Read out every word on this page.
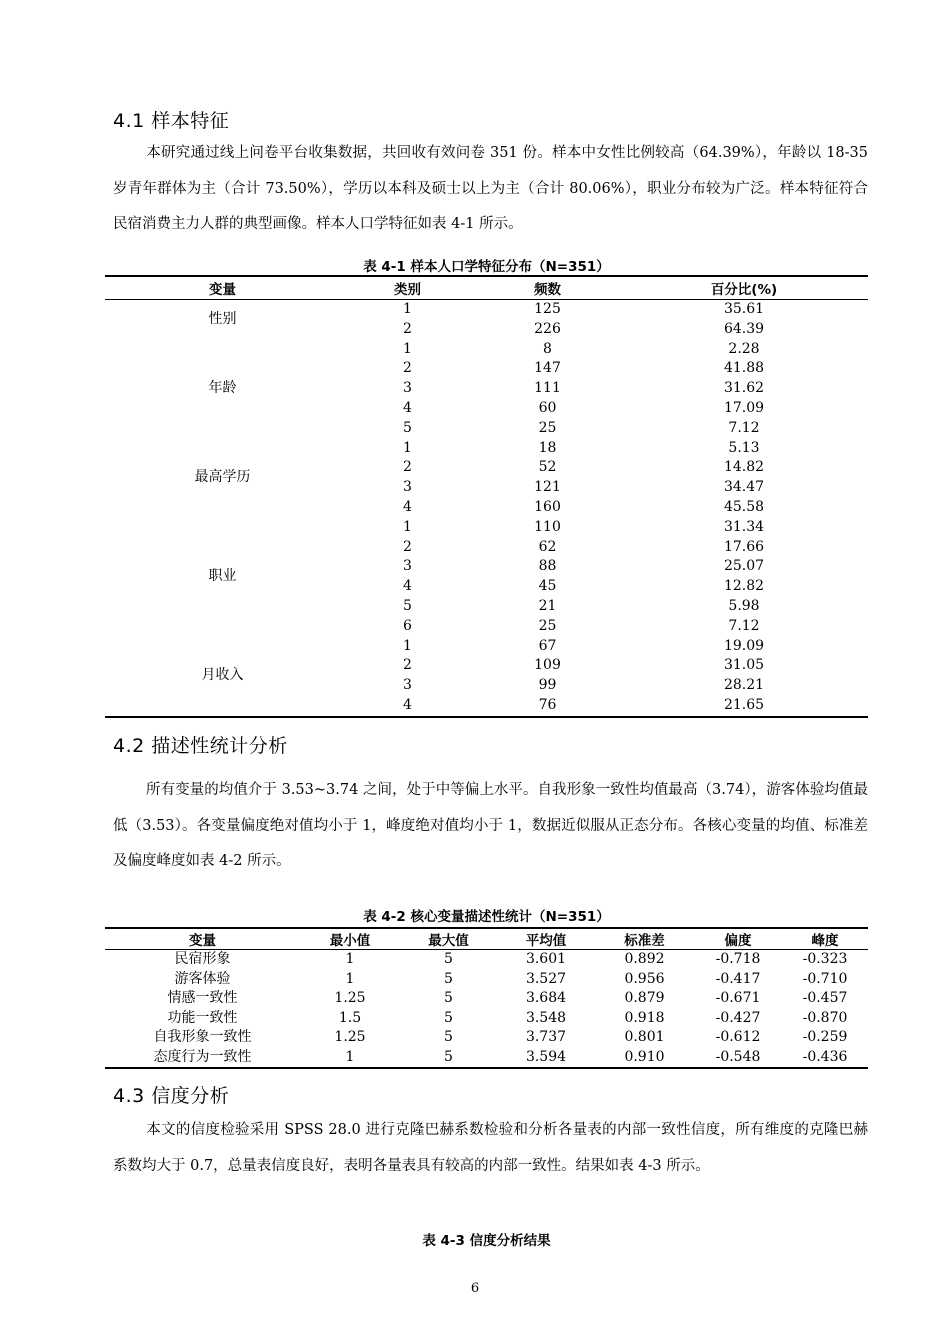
4.1 样本特征

本研究通过线上问卷平台收集数据，共回收有效问卷 351 份。样本中女性比例较高（64.39%），年龄以 18-35 岁青年群体为主（合计 73.50%），学历以本科及硕士以上为主（合计 80.06%），职业分布较为广泛。样本特征符合民宿消费主力人群的典型画像。样本人口学特征如表 4-1 所示。

表 4-1 样本人口学特征分布（N=351）
变量	类别	频数	百分比(%)
性别	1	125	35.61
	2	226	64.39
年龄	1	8	2.28
	2	147	41.88
	3	111	31.62
	4	60	17.09
	5	25	7.12
最高学历	1	18	5.13
	2	52	14.82
	3	121	34.47
	4	160	45.58
职业	1	110	31.34
	2	62	17.66
	3	88	25.07
	4	45	12.82
	5	21	5.98
	6	25	7.12
月收入	1	67	19.09
	2	109	31.05
	3	99	28.21
	4	76	21.65
4.2 描述性统计分析

所有变量的均值介于 3.53~3.74 之间，处于中等偏上水平。自我形象一致性均值最高（3.74），游客体验均值最低（3.53）。各变量偏度绝对值均小于 1，峰度绝对值均小于 1，数据近似服从正态分布。各核心变量的均值、标准差及偏度峰度如表 4-2 所示。

表 4-2 核心变量描述性统计（N=351）
变量	最小值	最大值	平均值	标准差	偏度	峰度
民宿形象	1	5	3.601	0.892	-0.718	-0.323
游客体验	1	5	3.527	0.956	-0.417	-0.710
情感一致性	1.25	5	3.684	0.879	-0.671	-0.457
功能一致性	1.5	5	3.548	0.918	-0.427	-0.870
自我形象一致性	1.25	5	3.737	0.801	-0.612	-0.259
态度行为一致性	1	5	3.594	0.910	-0.548	-0.436
4.3 信度分析

本文的信度检验采用 SPSS 28.0 进行克隆巴赫系数检验和分析各量表的内部一致性信度，所有维度的克隆巴赫系数均大于 0.7，总量表信度良好，表明各量表具有较高的内部一致性。结果如表 4-3 所示。

表 4-3 信度分析结果
6
